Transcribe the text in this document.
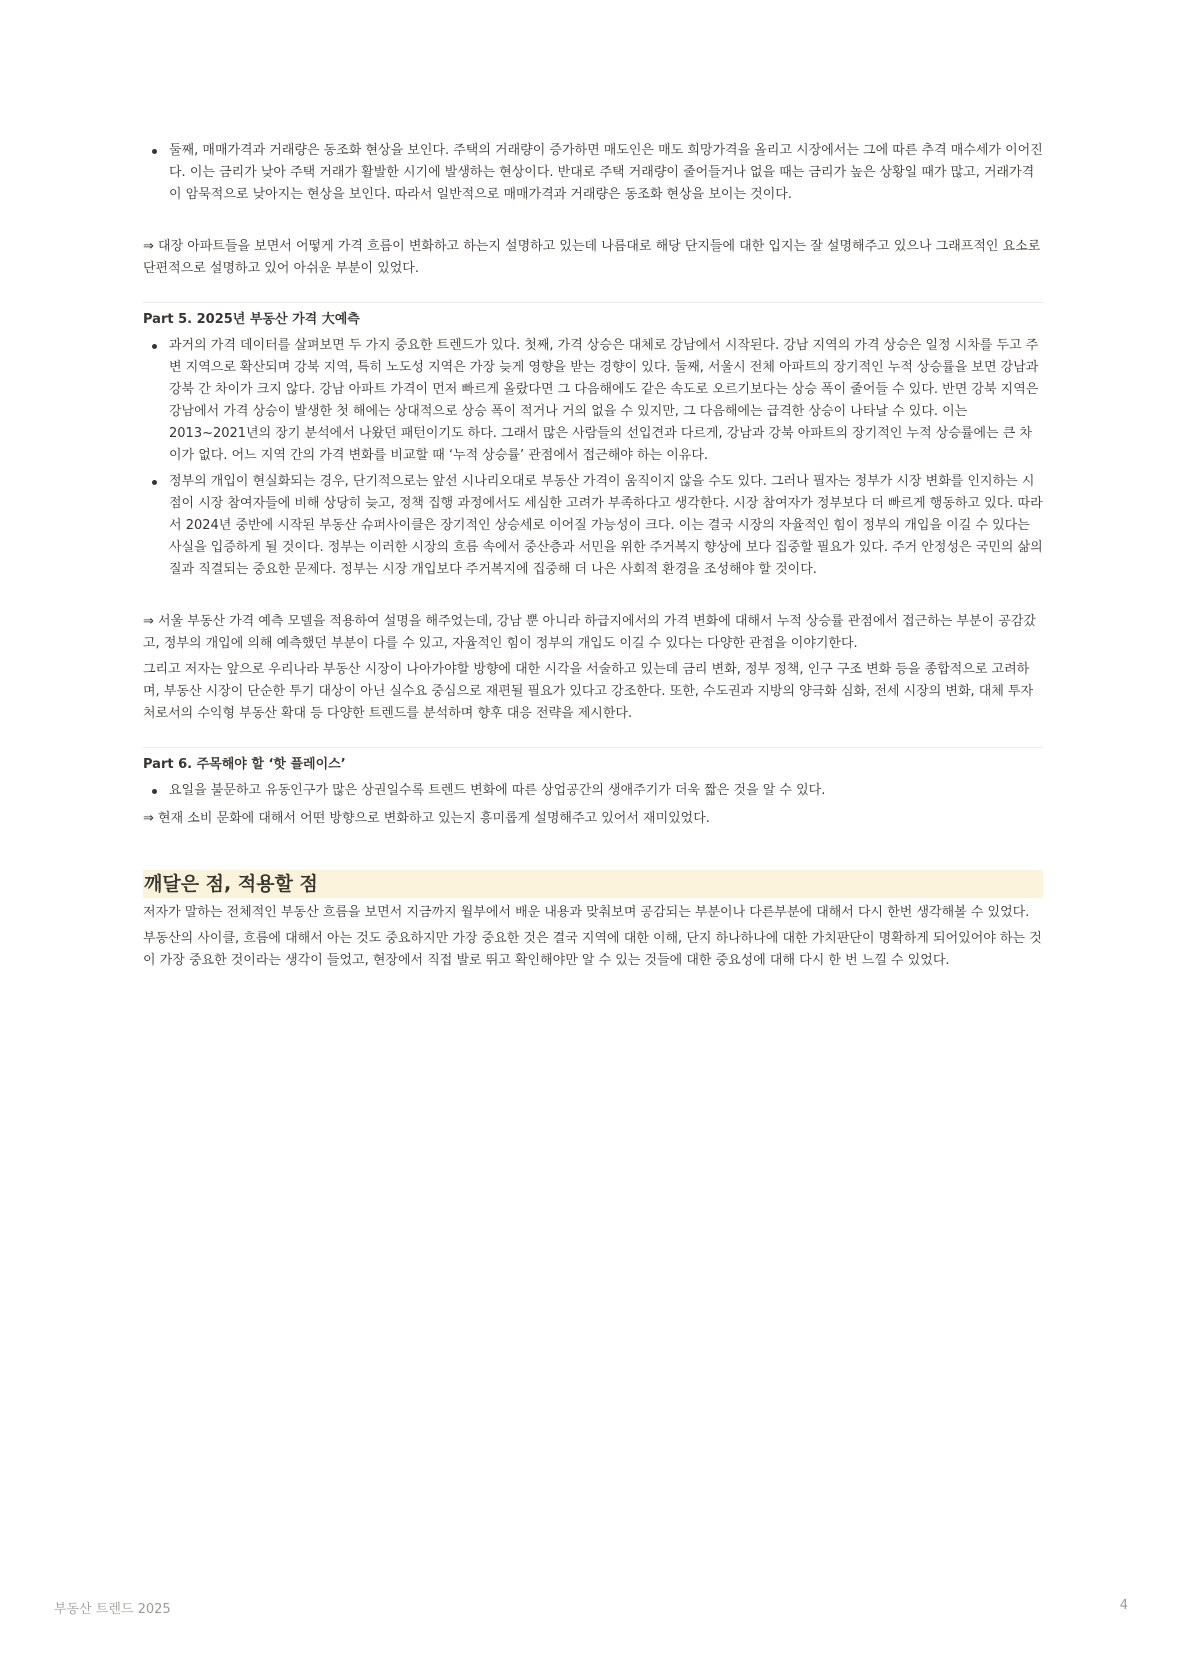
둘째, 매매가격과 거래량은 동조화 현상을 보인다. 주택의 거래량이 증가하면 매도인은 매도 희망가격을 올리고 시장에서는 그에 따른 추격 매수세가 이어진다. 이는 금리가 낮아 주택 거래가 활발한 시기에 발생하는 현상이다. 반대로 주택 거래량이 줄어들거나 없을 때는 금리가 높은 상황일 때가 많고, 거래가격이 암묵적으로 낮아지는 현상을 보인다. 따라서 일반적으로 매매가격과 거래량은 동조화 현상을 보이는 것이다.

⇒ 대장 아파트들을 보면서 어떻게 가격 흐름이 변화하고 하는지 설명하고 있는데 나름대로 해당 단지들에 대한 입지는 잘 설명해주고 있으나 그래프적인 요소로 단편적으로 설명하고 있어 아쉬운 부분이 있었다.

Part 5. 2025년 부동산 가격 大예측

과거의 가격 데이터를 살펴보면 두 가지 중요한 트렌드가 있다. 첫째, 가격 상승은 대체로 강남에서 시작된다. 강남 지역의 가격 상승은 일정 시차를 두고 주변 지역으로 확산되며 강북 지역, 특히 노도성 지역은 가장 늦게 영향을 받는 경향이 있다. 둘째, 서울시 전체 아파트의 장기적인 누적 상승률을 보면 강남과 강북 간 차이가 크지 않다. 강남 아파트 가격이 먼저 빠르게 올랐다면 그 다음해에도 같은 속도로 오르기보다는 상승 폭이 줄어들 수 있다. 반면 강북 지역은 강남에서 가격 상승이 발생한 첫 해에는 상대적으로 상승 폭이 적거나 거의 없을 수 있지만, 그 다음해에는 급격한 상승이 나타날 수 있다. 이는 2013~2021년의 장기 분석에서 나왔던 패턴이기도 하다. 그래서 많은 사람들의 선입견과 다르게, 강남과 강북 아파트의 장기적인 누적 상승률에는 큰 차이가 없다. 어느 지역 간의 가격 변화를 비교할 때 ‘누적 상승률’ 관점에서 접근해야 하는 이유다.
정부의 개입이 현실화되는 경우, 단기적으로는 앞선 시나리오대로 부동산 가격이 움직이지 않을 수도 있다. 그러나 필자는 정부가 시장 변화를 인지하는 시점이 시장 참여자들에 비해 상당히 늦고, 정책 집행 과정에서도 세심한 고려가 부족하다고 생각한다. 시장 참여자가 정부보다 더 빠르게 행동하고 있다. 따라서 2024년 중반에 시작된 부동산 슈퍼사이클은 장기적인 상승세로 이어질 가능성이 크다. 이는 결국 시장의 자율적인 힘이 정부의 개입을 이길 수 있다는 사실을 입증하게 될 것이다. 정부는 이러한 시장의 흐름 속에서 중산층과 서민을 위한 주거복지 향상에 보다 집중할 필요가 있다. 주거 안정성은 국민의 삶의 질과 직결되는 중요한 문제다. 정부는 시장 개입보다 주거복지에 집중해 더 나은 사회적 환경을 조성해야 할 것이다.

⇒ 서울 부동산 가격 예측 모델을 적용하여 설명을 해주었는데, 강남 뿐 아니라 하급지에서의 가격 변화에 대해서 누적 상승률 관점에서 접근하는 부분이 공감갔고, 정부의 개입에 의해 예측했던 부분이 다를 수 있고, 자율적인 힘이 정부의 개입도 이길 수 있다는 다양한 관점을 이야기한다.

그리고 저자는 앞으로 우리나라 부동산 시장이 나아가야할 방향에 대한 시각을 서술하고 있는데 금리 변화, 정부 정책, 인구 구조 변화 등을 종합적으로 고려하며, 부동산 시장이 단순한 투기 대상이 아닌 실수요 중심으로 재편될 필요가 있다고 강조한다. 또한, 수도권과 지방의 양극화 심화, 전세 시장의 변화, 대체 투자처로서의 수익형 부동산 확대 등 다양한 트렌드를 분석하며 향후 대응 전략을 제시한다.

Part 6. 주목해야 할 ‘핫 플레이스’

요일을 불문하고 유동인구가 많은 상권일수록 트렌드 변화에 따른 상업공간의 생애주기가 더욱 짧은 것을 알 수 있다.

⇒ 현재 소비 문화에 대해서 어떤 방향으로 변화하고 있는지 흥미롭게 설명해주고 있어서 재미있었다.

깨달은 점, 적용할 점

저자가 말하는 전체적인 부동산 흐름을 보면서 지금까지 월부에서 배운 내용과 맞춰보며 공감되는 부분이나 다른부분에 대해서 다시 한번 생각해볼 수 있었다.

부동산의 사이클, 흐름에 대해서 아는 것도 중요하지만 가장 중요한 것은 결국 지역에 대한 이해, 단지 하나하나에 대한 가치판단이 명확하게 되어있어야 하는 것이 가장 중요한 것이라는 생각이 들었고, 현장에서 직접 발로 뛰고 확인해야만 알 수 있는 것들에 대한 중요성에 대해 다시 한 번 느낄 수 있었다.

부동산 트렌드 2025	4
